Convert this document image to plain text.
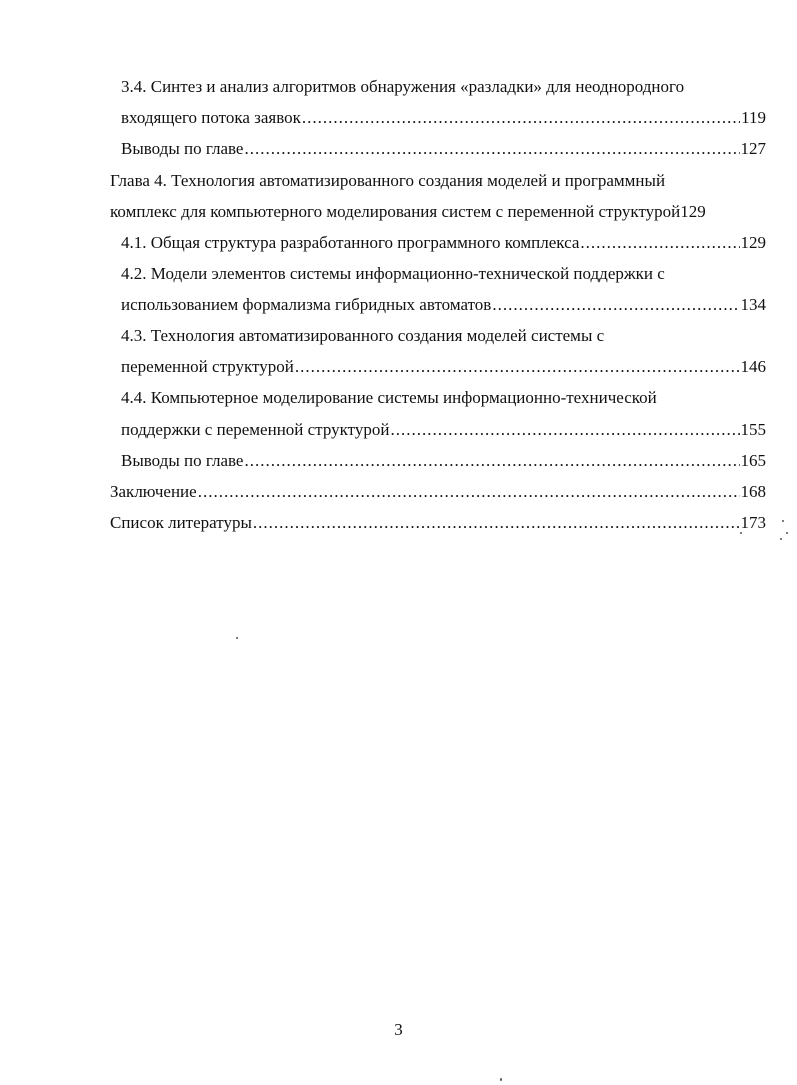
3.4. Синтез и анализ алгоритмов обнаружения «разладки» для неоднородного
входящего потока заявок .....	119
Выводы по главе .....	127
Глава 4. Технология автоматизированного создания моделей и программный
комплекс для компьютерного моделирования систем с переменной структурой129
4.1. Общая структура разработанного программного комплекса .....	129
4.2. Модели элементов системы информационно-технической поддержки с
использованием формализма гибридных автоматов .....	134
4.3. Технология автоматизированного создания моделей системы с
переменной структурой .....	146
4.4. Компьютерное моделирование системы информационно-технической
поддержки с переменной структурой .....	155
Выводы по главе .....	165
Заключение .....	168
Список литературы .....	173
3
